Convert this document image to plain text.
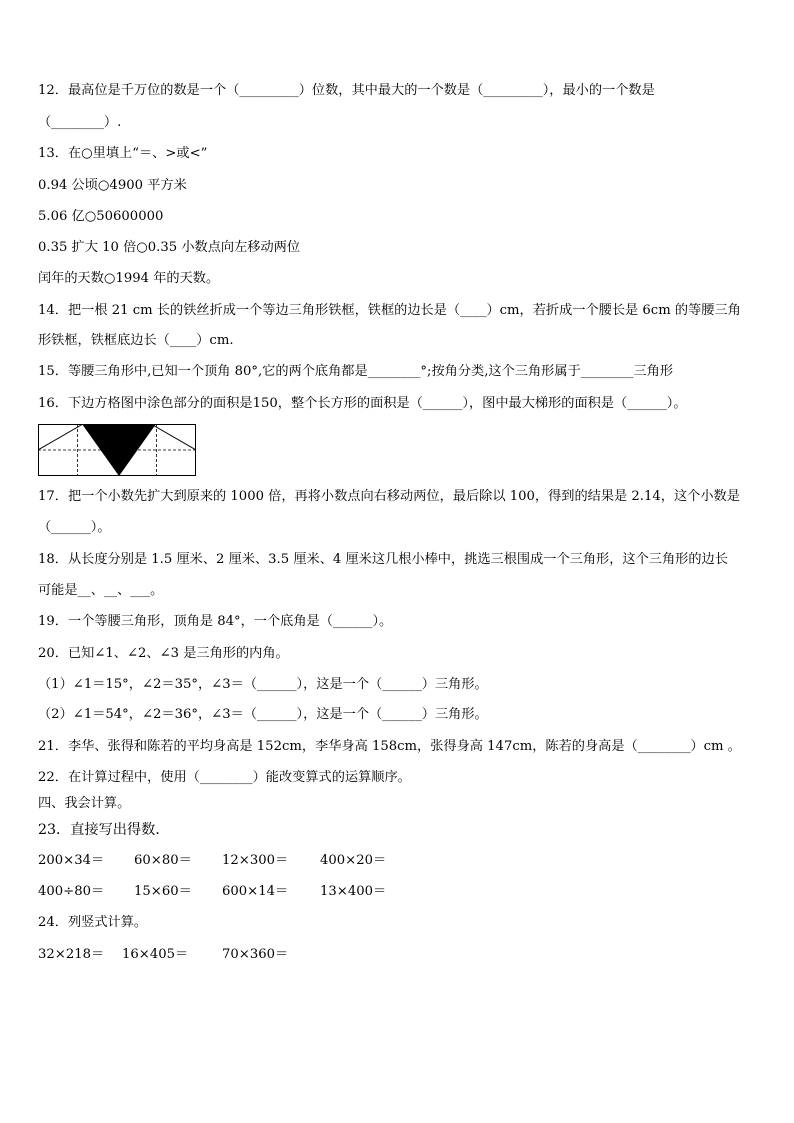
12．最高位是千万位的数是一个（_________）位数，其中最大的一个数是（_________），最小的一个数是
（________）.
13．在○里填上“＝、>或<”
0.94 公顷○4900 平方米
5.06 亿○50600000
0.35 扩大 10 倍○0.35 小数点向左移动两位
闰年的天数○1994 年的天数。
14．把一根 21 cm 长的铁丝折成一个等边三角形铁框，铁框的边长是（____）cm，若折成一个腰长是 6cm 的等腰三角
形铁框，铁框底边长（____）cm.
15．等腰三角形中,已知一个顶角 80°,它的两个底角都是________°;按角分类,这个三角形属于________三角形
16．下边方格图中涂色部分的面积是150，整个长方形的面积是（______），图中最大梯形的面积是（______）。
17．把一个小数先扩大到原来的 1000 倍，再将小数点向右移动两位，最后除以 100，得到的结果是 2.14，这个小数是
（______）。
18．从长度分别是 1.5 厘米、2 厘米、3.5 厘米、4 厘米这几根小棒中，挑选三根围成一个三角形，这个三角形的边长
可能是__、__、___。
19．一个等腰三角形，顶角是 84°，一个底角是（______）。
20．已知∠1、∠2、∠3 是三角形的内角。
（1）∠1＝15°，∠2＝35°，∠3＝（______），这是一个（______）三角形。
（2）∠1＝54°，∠2＝36°，∠3＝（______），这是一个（______）三角形。
21．李华、张得和陈若的平均身高是 152cm，李华身高 158cm，张得身高 147cm，陈若的身高是（________）cm 。
22．在计算过程中，使用（________）能改变算式的运算顺序。
四、我会计算。
23．直接写出得数．
200×34＝ 60×80＝ 12×300＝ 400×20＝
400÷80＝ 15×60＝ 600×14＝ 13×400＝
24．列竖式计算。
32×218＝ 16×405＝	70×360＝
